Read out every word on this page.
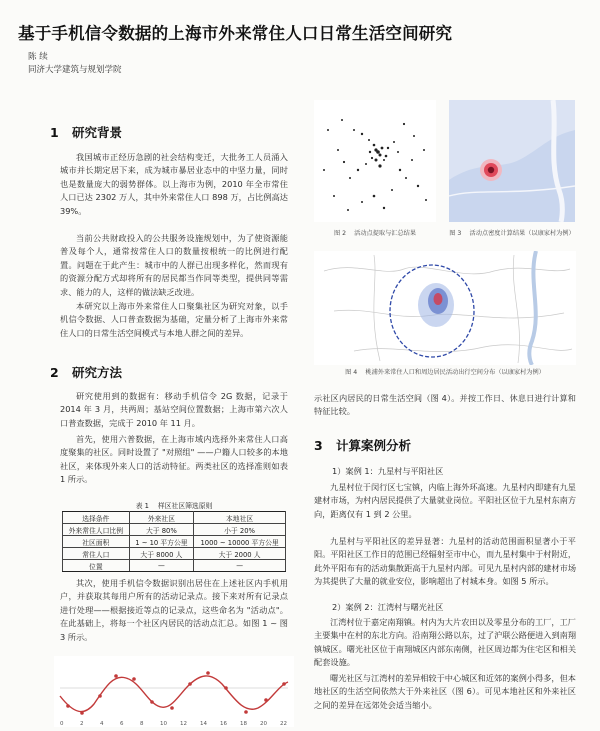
基于手机信令数据的上海市外来常住人口日常生活空间研究
陈 续
同济大学建筑与规划学院
1 研究背景
我国城市正经历急剧的社会结构变迁，大批务工人员涌入城市并长期定居下来，成为城市暴居业态中的中坚力量，同时也是数量庞大的弱势群体。以上海市为例，2010 年全市常住人口已达 2302 万人，其中外来常住人口 898 万，占比例高达 39%。
当前公共财政投入的公共服务设施规划中，为了使资源能普及每个人，通常按常住人口的数量按根统一的比例进行配置。问题在于此产生：城市中的人群已出现多样化，然而现有的资源分配方式却将所有的居民都当作同等类型，提供同等需求、能力的人，这样的做法缺乏改进。
本研究以上海市外来常住人口聚集社区为研究对象，以手机信令数据、人口普查数据为基础，定量分析了上海市外来常住人口的日常生活空间模式与本地人群之间的差异。
2 研究方法
研究使用到的数据有：移动手机信令 2G 数据，记录于 2014 年 3 月，共两周；基站空间位置数据；上海市第六次人口普查数据，完成于 2010 年 11 月。
首先，使用六普数据，在上海市域内选择外来常住人口高度聚集的社区。同时设置了 "对照组" ——户籍人口较多的本地社区，来体现外来人口的活动特征。两类社区的选择准则如表 1 所示。
表 1 　样区社区筛选原则
选择条件	外来社区	本地社区
外来常住人口比例	大于 80%	小于 20%
社区面积	1 ~ 10 平方公里	1000 ~ 10000 平方公里
常住人口	大于 8000 人	大于 2000 人
位置	—	—
其次，使用手机信令数据识别出居住在上述社区内手机用户，并获取其每用户所有的活动记录点。接下来对所有记录点进行处理——根据接近等点的记录点，这些命名为 "活动点"。在此基础上，将每一个社区内居民的活动点汇总。如图 1 ~ 图 3 所示。
0	2	4	6	8	10 12 14 16 18 20 22
图 2 　活动点提取与汇总结果	图 3 　活动点密度计算结果（以康家村为例）
图 4 　桃浦外来常住人口和周边居民活动出行空间分布（以康家村为例）
示社区内居民的日常生活空间（图 4）。并按工作日、休息日进行计算和特征比较。
3 计算案例分析
1）案例 1：九星村与平阳社区
九星村位于闵行区七宝镇，内临上海外环高速。九星村内即建有九星建材市场，为村内居民提供了大量就业岗位。平阳社区位于九星村东南方向，距离仅有 1 到 2 公里。
九星村与平阳社区的差异显著：九星村的活动范围面积显著小于平阳。平阳社区工作日的范围已经辐射至市中心，而九星村集中于村附近，此外平阳布有的活动集散距高于九星村内部。可见九星村内部的建材市场为其提供了大量的就业安位，影响超出了村城本身。如图 5 所示。
2）案例 2：江湾村与曙光社区
江湾村位于嘉定南翔镇。村内为大片农田以及零星分布的工厂，工厂主要集中在村的东北方向。沿南翔公路以东，过了沪联公路便进入到南翔镇城区。曙光社区位于南翔城区内部东南侧，社区周边都为住宅区和相关配套设施。
曙光社区与江湾村的差异相较于中心城区和近郊的案例小得多，但本地社区的生活空间依然大于外来社区（图 6）。可见本地社区和外来社区之间的差异在远郊处会适当缩小。
